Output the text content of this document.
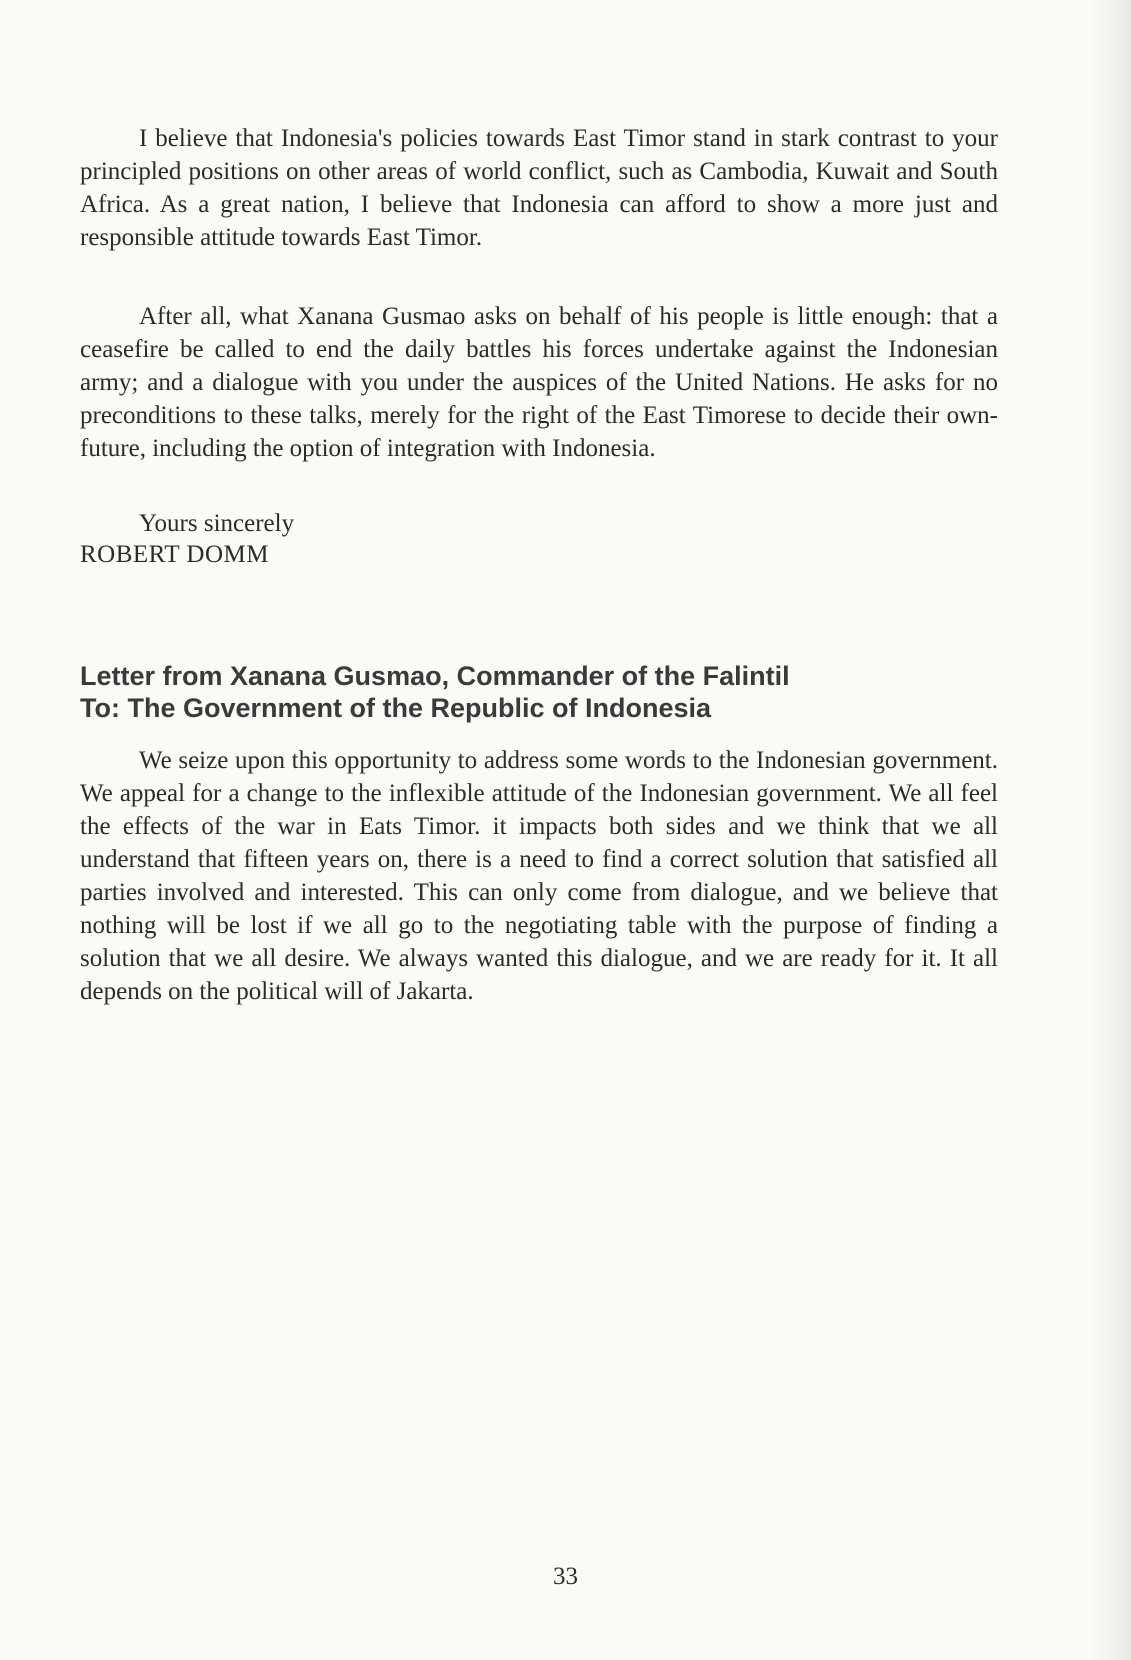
I believe that Indonesia's policies towards East Timor stand in stark contrast to your principled positions on other areas of world conflict, such as Cambodia, Kuwait and South Africa. As a great nation, I believe that Indonesia can afford to show a more just and responsible attitude towards East Timor.

After all, what Xanana Gusmao asks on behalf of his people is little enough: that a ceasefire be called to end the daily battles his forces undertake against the Indonesian army; and a dialogue with you under the auspices of the United Nations. He asks for no preconditions to these talks, merely for the right of the East Timorese to decide their own- future, including the option of integration with Indonesia.

Yours sincerely
ROBERT DOMM
Letter from Xanana Gusmao, Commander of the Falintil
To: The Government of the Republic of Indonesia

We seize upon this opportunity to address some words to the Indonesian government. We appeal for a change to the inflexible attitude of the Indonesian government. We all feel the effects of the war in Eats Timor. it impacts both sides and we think that we all understand that fifteen years on, there is a need to find a correct solution that satisfied all parties involved and interested. This can only come from dialogue, and we believe that nothing will be lost if we all go to the negotiating table with the purpose of finding a solution that we all desire. We always wanted this dialogue, and we are ready for it. It all depends on the political will of Jakarta.

33
